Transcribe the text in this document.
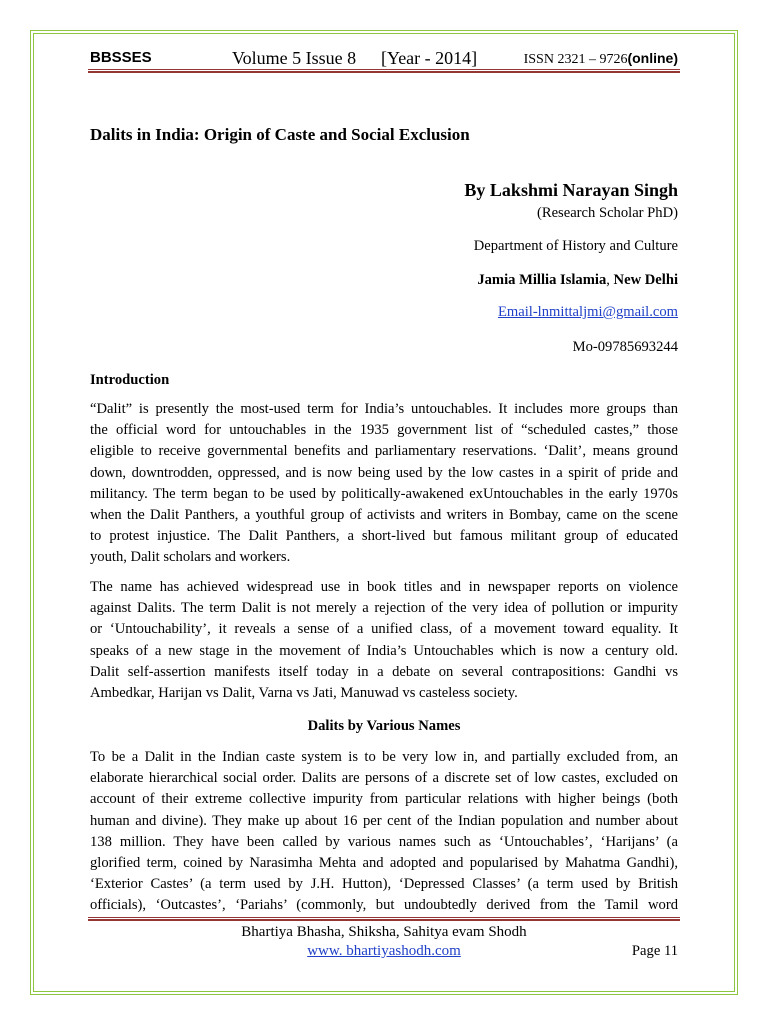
BBSSES	Volume 5 Issue 8 [Year - 2014]	ISSN 2321 – 9726(online)
Dalits in India: Origin of Caste and Social Exclusion
By Lakshmi Narayan Singh
(Research Scholar PhD)
Department of History and Culture
Jamia Millia Islamia, New Delhi
Email-lnmittaljmi@gmail.com
Mo-09785693244
Introduction
“Dalit” is presently the most-used term for India’s untouchables. It includes more groups than
the official word for untouchables in the 1935 government list of “scheduled castes,” those
eligible to receive governmental benefits and parliamentary reservations. ‘Dalit’, means ground
down, downtrodden, oppressed, and is now being used by the low castes in a spirit of pride and
militancy. The term began to be used by politically-awakened exUntouchables in the early 1970s
when the Dalit Panthers, a youthful group of activists and writers in Bombay, came on the scene
to protest injustice. The Dalit Panthers, a short-lived but famous militant group of educated
youth, Dalit scholars and workers.
The name has achieved widespread use in book titles and in newspaper reports on violence
against Dalits. The term Dalit is not merely a rejection of the very idea of pollution or impurity
or ‘Untouchability’, it reveals a sense of a unified class, of a movement toward equality. It
speaks of a new stage in the movement of India’s Untouchables which is now a century old.
Dalit self-assertion manifests itself today in a debate on several contrapositions: Gandhi vs
Ambedkar, Harijan vs Dalit, Varna vs Jati, Manuwad vs casteless society.
Dalits by Various Names
To be a Dalit in the Indian caste system is to be very low in, and partially excluded from, an
elaborate hierarchical social order. Dalits are persons of a discrete set of low castes, excluded on
account of their extreme collective impurity from particular relations with higher beings (both
human and divine). They make up about 16 per cent of the Indian population and number about
138 million. They have been called by various names such as ‘Untouchables’, ‘Harijans’ (a
glorified term, coined by Narasimha Mehta and adopted and popularised by Mahatma Gandhi),
‘Exterior Castes’ (a term used by J.H. Hutton), ‘Depressed Classes’ (a term used by British
officials), ‘Outcastes’, ‘Pariahs’ (commonly, but undoubtedly derived from the Tamil word
Bhartiya Bhasha, Shiksha, Sahitya evam Shodh
www. bhartiyashodh.com	Page 11
